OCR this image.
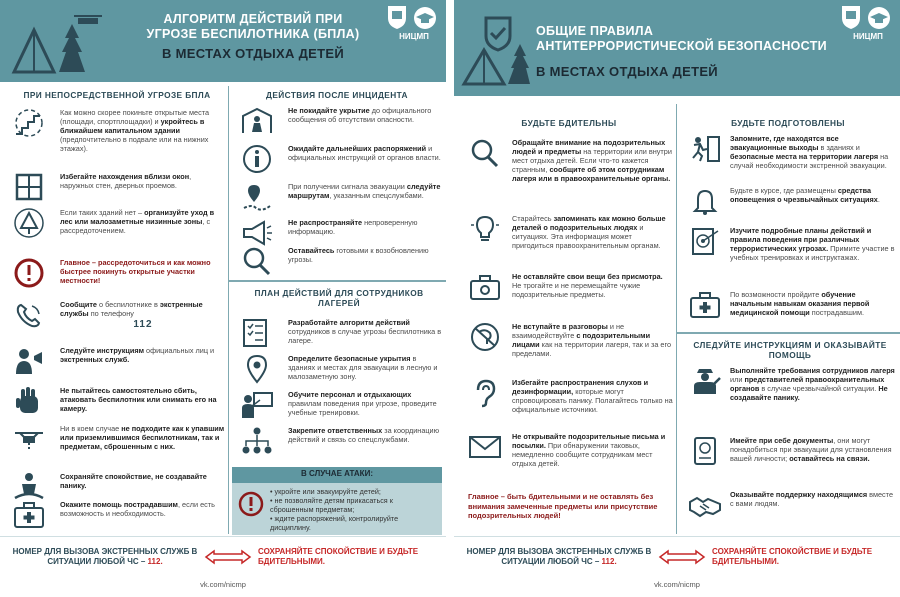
АЛГОРИТМ ДЕЙСТВИЙ ПРИ
УГРОЗЕ БЕСПИЛОТНИКА (БПЛА)
В МЕСТАХ ОТДЫХА ДЕТЕЙ
НИЦМП
ПРИ НЕПОСРЕДСТВЕННОЙ УГРОЗЕ БПЛА
Как можно скорее покиньте открытые места (площади, спортплощадки) и укройтесь в ближайшем капитальном здании (предпочтительно в подвале или на нижних этажах).
Избегайте нахождения вблизи окон, наружных стен, дверных проемов.
Если таких зданий нет – организуйте уход в лес или малозаметные низинные зоны, с рассредоточением.
Главное – рассредоточиться и как можно быстрее покинуть открытые участки местности!
Сообщите о беспилотнике в экстренные службы по телефону
112
Следуйте инструкциям официальных лиц и экстренных служб.
Не пытайтесь самостоятельно сбить, атаковать беспилотник или снимать его на камеру.
Ни в коем случае не подходите как к упавшим или приземлившимся беспилотникам, так и предметам, сброшенным с них.
Сохраняйте спокойствие, не создавайте панику.
Окажите помощь пострадавшим, если есть возможность и необходимость.
ДЕЙСТВИЯ ПОСЛЕ ИНЦИДЕНТА
Не покидайте укрытие до официального сообщения об отсутствии опасности.
Ожидайте дальнейших распоряжений и официальных инструкций от органов власти.
При получении сигнала эвакуации следуйте маршрутам, указанным спецслужбами.
Не распространяйте непроверенную информацию.
Оставайтесь готовыми к возобновлению угрозы.
ПЛАН ДЕЙСТВИЙ ДЛЯ СОТРУДНИКОВ ЛАГЕРЕЙ
Разработайте алгоритм действий сотрудников в случае угрозы беспилотника в лагере.
Определите безопасные укрытия в зданиях и местах для эвакуации в лесную и малозаметную зону.
Обучите персонал и отдыхающих правилам поведения при угрозе, проведите учебные тренировки.
Закрепите ответственных за координацию действий и связь со спецслужбами.
В СЛУЧАЕ АТАКИ:
• укройте или эвакуируйте детей;
• не позволяйте детям прикасаться к сброшенным предметам;
• ждите распоряжений, контролируйте дисциплину.
НОМЕР ДЛЯ ВЫЗОВА ЭКСТРЕННЫХ СЛУЖБ В СИТУАЦИИ ЛЮБОЙ ЧС – 112.
СОХРАНЯЙТЕ СПОКОЙСТВИЕ И БУДЬТЕ БДИТЕЛЬНЫМИ.
vk.com/nicmp
ОБЩИЕ ПРАВИЛА
АНТИТЕРРОРИСТИЧЕСКОЙ БЕЗОПАСНОСТИ
В МЕСТАХ ОТДЫХА ДЕТЕЙ
НИЦМП
БУДЬТЕ БДИТЕЛЬНЫ
Обращайте внимание на подозрительных людей и предметы на территории или внутри мест отдыха детей. Если что-то кажется странным, сообщите об этом сотрудникам лагеря или в правоохранительные органы.
Старайтесь запоминать как можно больше деталей о подозрительных людях и ситуациях. Эта информация может пригодиться правоохранительным органам.
Не оставляйте свои вещи без присмотра. Не трогайте и не перемещайте чужие подозрительные предметы.
Не вступайте в разговоры и не взаимодействуйте с подозрительными лицами как на территории лагеря, так и за его пределами.
Избегайте распространения слухов и дезинформации, которые могут спровоцировать панику. Полагайтесь только на официальные источники.
Не открывайте подозрительные письма и посылки. При обнаружении таковых, немедленно сообщите сотрудникам мест отдыха детей.
Главное – быть бдительными и не оставлять без внимания замеченные предметы или присутствие подозрительных людей!
БУДЬТЕ ПОДГОТОВЛЕНЫ
Запомните, где находятся все эвакуационные выходы в зданиях и безопасные места на территории лагеря на случай необходимости экстренной эвакуации.
Будьте в курсе, где размещены средства оповещения о чрезвычайных ситуациях.
Изучите подробные планы действий и правила поведения при различных террористических угрозах. Примите участие в учебных тренировках и инструктажах.
По возможности пройдите обучение начальным навыкам оказания первой медицинской помощи пострадавшим.
СЛЕДУЙТЕ ИНСТРУКЦИЯМ И ОКАЗЫВАЙТЕ ПОМОЩЬ
Выполняйте требования сотрудников лагеря или представителей правоохранительных органов в случае чрезвычайной ситуации. Не создавайте панику.
Имейте при себе документы, они могут понадобиться при эвакуации для установления вашей личности; оставайтесь на связи.
Оказывайте поддержку находящимся вместе с вами людям.
НОМЕР ДЛЯ ВЫЗОВА ЭКСТРЕННЫХ СЛУЖБ В СИТУАЦИИ ЛЮБОЙ ЧС – 112.
СОХРАНЯЙТЕ СПОКОЙСТВИЕ И БУДЬТЕ БДИТЕЛЬНЫМИ.
vk.com/nicmp
